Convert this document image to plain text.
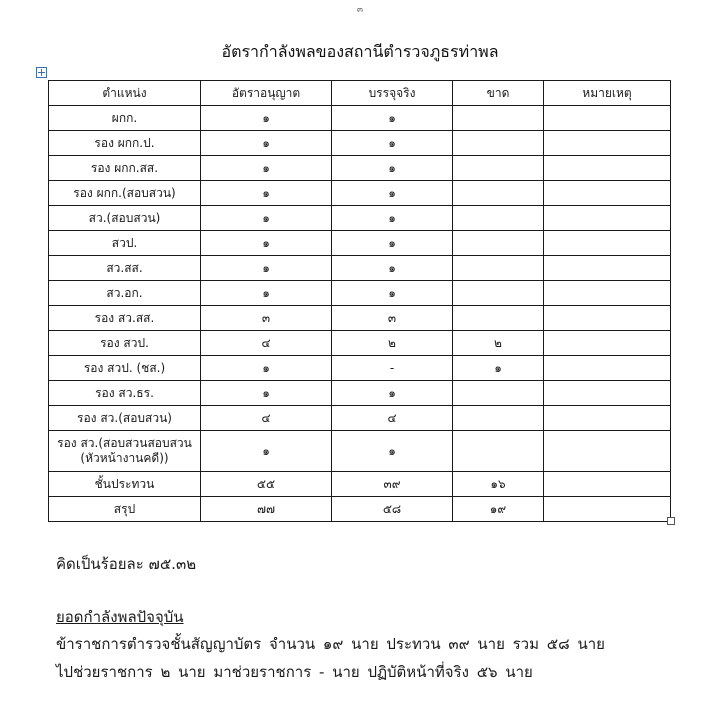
๓
อัตรากำลังพลของสถานีตำรวจภูธรท่าพล
ตำแหน่ง	อัตราอนุญาต	บรรจุจริง	ขาด	หมายเหตุ
ผกก.	๑	๑		
รอง ผกก.ป.	๑	๑		
รอง ผกก.สส.	๑	๑		
รอง ผกก.(สอบสวน)	๑	๑		
สว.(สอบสวน)	๑	๑		
สวป.	๑	๑		
สว.สส.	๑	๑		
สว.อก.	๑	๑		
รอง สว.สส.	๓	๓		
รอง สวป.	๔	๒	๒	
รอง สวป. (ชส.)	๑	-	๑	
รอง สว.ธร.	๑	๑		
รอง สว.(สอบสวน)	๔	๔		
รอง สว.(สอบสวนสอบสวน (หัวหน้างานคดี))	๑	๑		
ชั้นประทวน	๕๕	๓๙	๑๖	
สรุป	๗๗	๕๘	๑๙	
คิดเป็นร้อยละ ๗๕.๓๒
ยอดกำลังพลปัจจุบัน
ข้าราชการตำรวจชั้นสัญญาบัตร จำนวน ๑๙ นาย ประทวน ๓๙ นาย รวม ๕๘ นาย
ไปช่วยราชการ ๒ นาย มาช่วยราชการ - นาย ปฏิบัติหน้าที่จริง ๕๖ นาย
